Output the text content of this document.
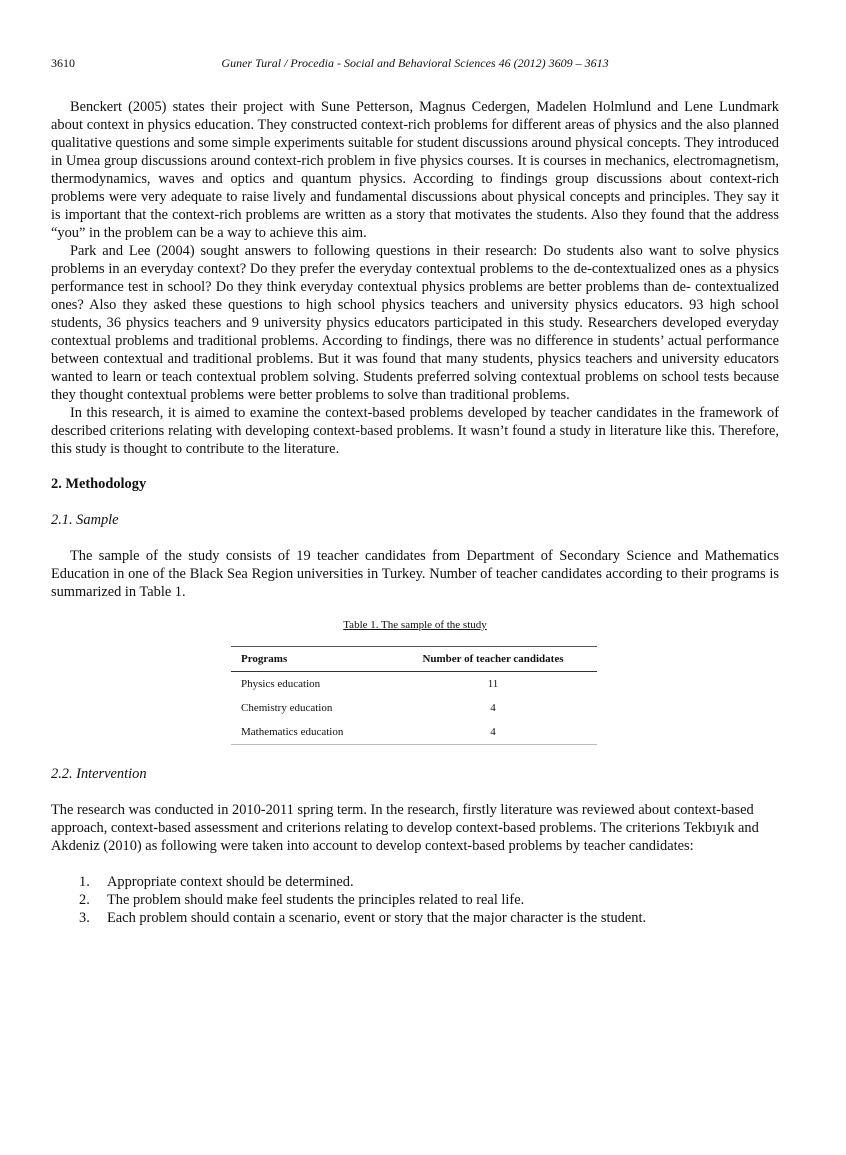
3610	Guner Tural / Procedia - Social and Behavioral Sciences 46 (2012) 3609 – 3613

Benckert (2005) states their project with Sune Petterson, Magnus Cedergen, Madelen Holmlund and Lene Lundmark about context in physics education. They constructed context-rich problems for different areas of physics and the also planned qualitative questions and some simple experiments suitable for student discussions around physical concepts. They introduced in Umea group discussions around context-rich problem in five physics courses. It is courses in mechanics, electromagnetism, thermodynamics, waves and optics and quantum physics. According to findings group discussions about context-rich problems were very adequate to raise lively and fundamental discussions about physical concepts and principles. They say it is important that the context-rich problems are written as a story that motivates the students. Also they found that the address “you” in the problem can be a way to achieve this aim.

Park and Lee (2004) sought answers to following questions in their research: Do students also want to solve physics problems in an everyday context? Do they prefer the everyday contextual problems to the de-contextualized ones as a physics performance test in school? Do they think everyday contextual physics problems are better problems than de- contextualized ones? Also they asked these questions to high school physics teachers and university physics educators. 93 high school students, 36 physics teachers and 9 university physics educators participated in this study. Researchers developed everyday contextual problems and traditional problems. According to findings, there was no difference in students’ actual performance between contextual and traditional problems. But it was found that many students, physics teachers and university educators wanted to learn or teach contextual problem solving. Students preferred solving contextual problems on school tests because they thought contextual problems were better problems to solve than traditional problems.

In this research, it is aimed to examine the context-based problems developed by teacher candidates in the framework of described criterions relating with developing context-based problems. It wasn’t found a study in literature like this. Therefore, this study is thought to contribute to the literature.

2. Methodology
2.1. Sample

The sample of the study consists of 19 teacher candidates from Department of Secondary Science and Mathematics Education in one of the Black Sea Region universities in Turkey. Number of teacher candidates according to their programs is summarized in Table 1.

Table 1. The sample of the study
Programs	Number of teacher candidates
Physics education	11
Chemistry education	4
Mathematics education	4
2.2. Intervention

The research was conducted in 2010-2011 spring term. In the research, firstly literature was reviewed about context-based approach, context-based assessment and criterions relating to develop context-based problems. The criterions Tekbıyık and Akdeniz (2010) as following were taken into account to develop context-based problems by teacher candidates:

1. Appropriate context should be determined.
2. The problem should make feel students the principles related to real life.
3. Each problem should contain a scenario, event or story that the major character is the student.
